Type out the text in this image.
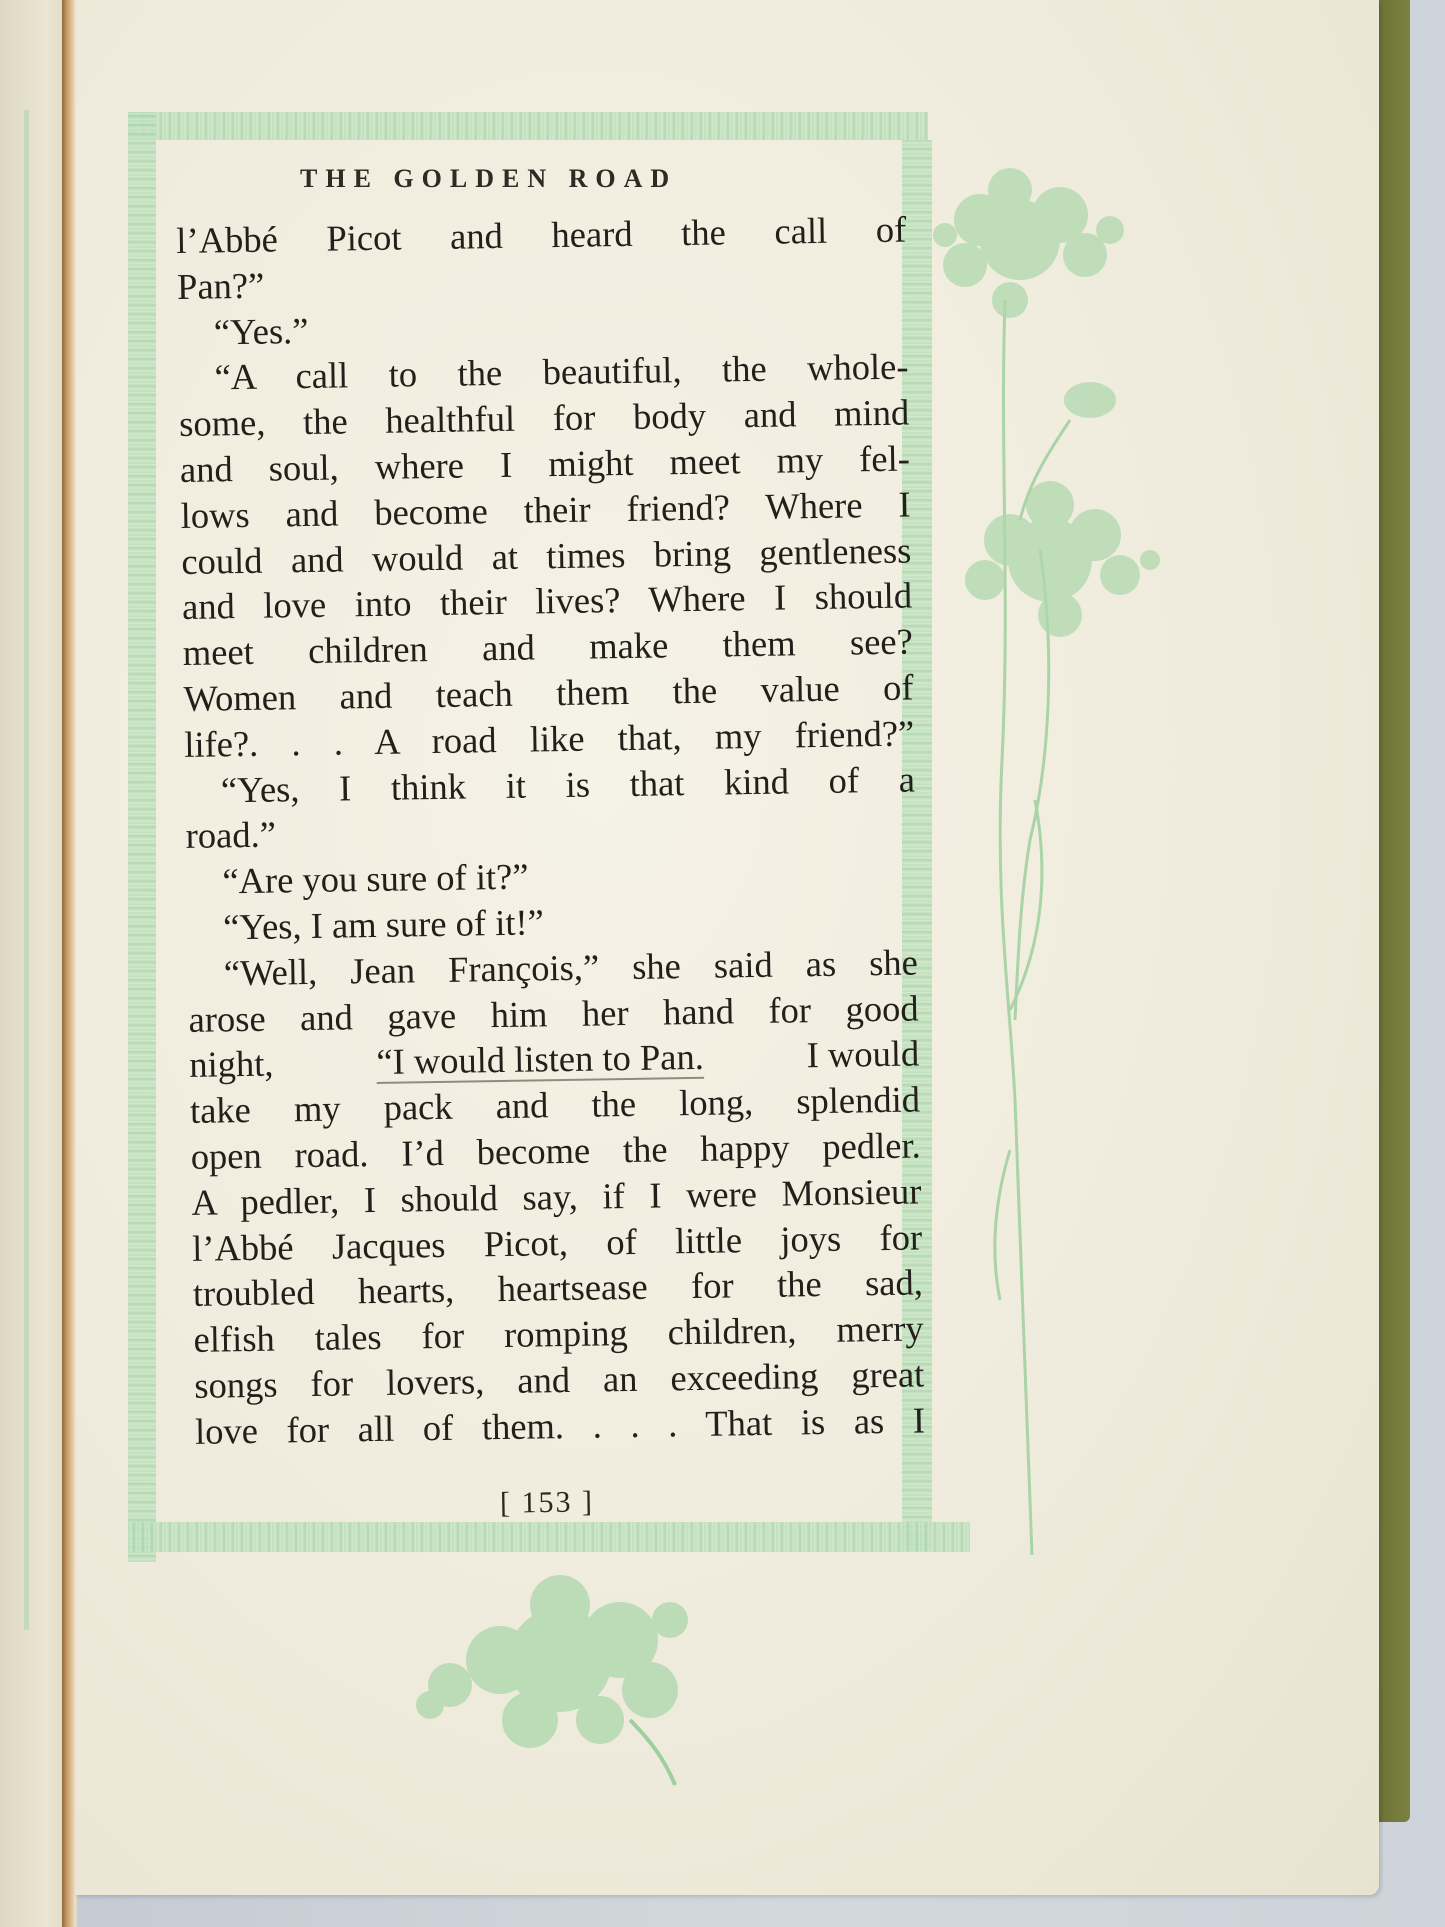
THE GOLDEN ROAD
l’Abbé Picot and heard the call of
Pan?”
“Yes.”
“A call to the beautiful, the whole-
some, the healthful for body and mind
and soul, where I might meet my fel-
lows and become their friend? Where I
could and would at times bring gentleness
and love into their lives? Where I should
meet children and make them see?
Women and teach them the value of
life?. . . A road like that, my friend?”
“Yes, I think it is that kind of a
road.”
“Are you sure of it?”
“Yes, I am sure of it!”
“Well, Jean François,” she said as she
arose and gave him her hand for good
night,	“I would listen to Pan.	I would
take my pack and the long, splendid
open road. I’d become the happy pedler.
A pedler, I should say, if I were Monsieur
l’Abbé Jacques Picot, of little joys for
troubled hearts, heartsease for the sad,
elfish tales for romping children, merry
songs for lovers, and an exceeding great
love for all of them. . . . That is as I
[ 153 ]
